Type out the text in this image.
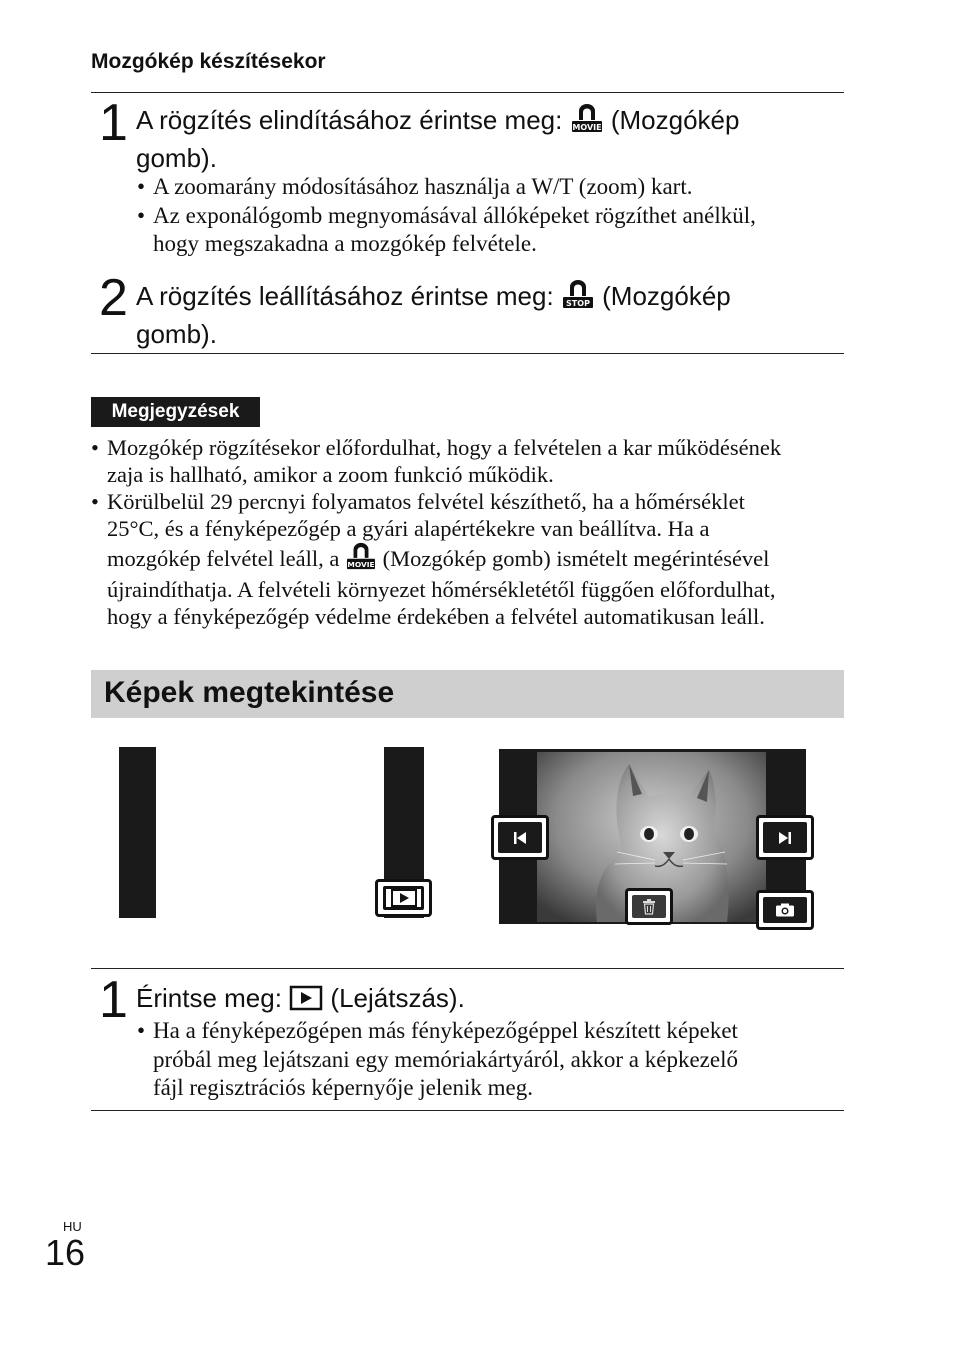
Mozgókép készítésekor
1 A rögzítés elindításához érintse meg: MOVIE (Mozgókép
gomb).
• A zoomarány módosításához használja a W/T (zoom) kart.
• Az exponálógomb megnyomásával állóképeket rögzíthet anélkül,
hogy megszakadna a mozgókép felvétele.
2 A rögzítés leállításához érintse meg: STOP (Mozgókép
gomb).
Megjegyzések
• Mozgókép rögzítésekor előfordulhat, hogy a felvételen a kar működésének
zaja is hallható, amikor a zoom funkció működik.
• Körülbelül 29 percnyi folyamatos felvétel készíthető, ha a hőmérséklet
25°C, és a fényképezőgép a gyári alapértékekre van beállítva. Ha a
mozgókép felvétel leáll, a MOVIE (Mozgókép gomb) ismételt megérintésével
újraindíthatja. A felvételi környezet hőmérsékletétől függően előfordulhat,
hogy a fényképezőgép védelme érdekében a felvétel automatikusan leáll.
Képek megtekintése
1 Érintse meg: (Lejátszás).
• Ha a fényképezőgépen más fényképezőgéppel készített képeket
próbál meg lejátszani egy memóriakártyáról, akkor a képkezelő
fájl regisztrációs képernyője jelenik meg.
HU
16
